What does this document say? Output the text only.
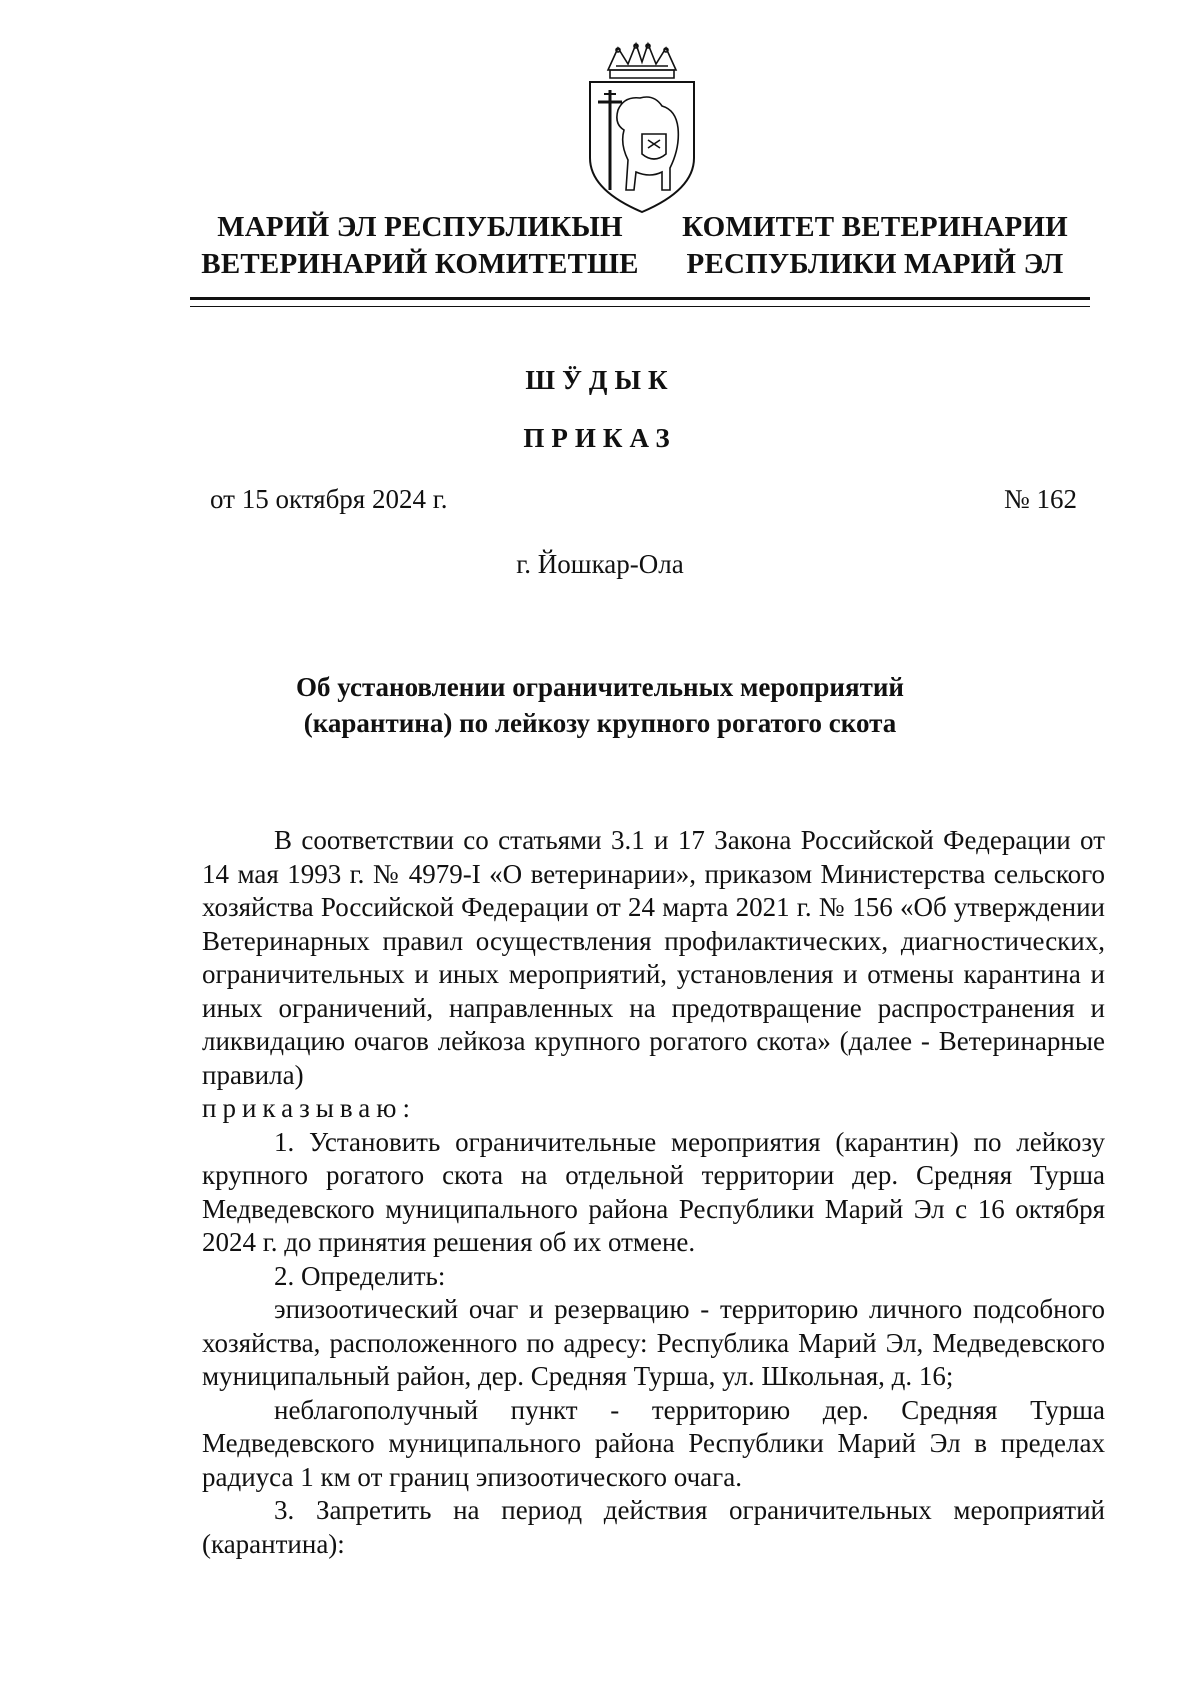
МАРИЙ ЭЛ РЕСПУБЛИКЫН
ВЕТЕРИНАРИЙ КОМИТЕТШЕ
КОМИТЕТ ВЕТЕРИНАРИИ
РЕСПУБЛИКИ МАРИЙ ЭЛ
ШӰДЫК
ПРИКАЗ
от 15 октября 2024 г.	№ 162
г. Йошкар-Ола
Об установлении ограничительных мероприятий
(карантина) по лейкозу крупного рогатого скота

В соответствии со статьями 3.1 и 17 Закона Российской Федерации от 14 мая 1993 г. № 4979-I «О ветеринарии», приказом Министерства сельского хозяйства Российской Федерации от 24 марта 2021 г. № 156 «Об утверждении Ветеринарных правил осуществления профилактических, диагностических, ограничительных и иных мероприятий, установления и отмены карантина и иных ограничений, направленных на предотвращение распространения и ликвидацию очагов лейкоза крупного рогатого скота» (далее - Ветеринарные правила)

приказываю:

1. Установить ограничительные мероприятия (карантин) по лейкозу крупного рогатого скота на отдельной территории дер. Средняя Турша Медведевского муниципального района Республики Марий Эл с 16 октября 2024 г. до принятия решения об их отмене.

2. Определить:

эпизоотический очаг и резервацию - территорию личного подсобного хозяйства, расположенного по адресу: Республика Марий Эл, Медведевского муниципальный район, дер. Средняя Турша, ул. Школьная, д. 16;

неблагополучный пункт - территорию дер. Средняя Турша Медведевского муниципального района Республики Марий Эл в пределах радиуса 1 км от границ эпизоотического очага.

3. Запретить на период действия ограничительных мероприятий (карантина):
